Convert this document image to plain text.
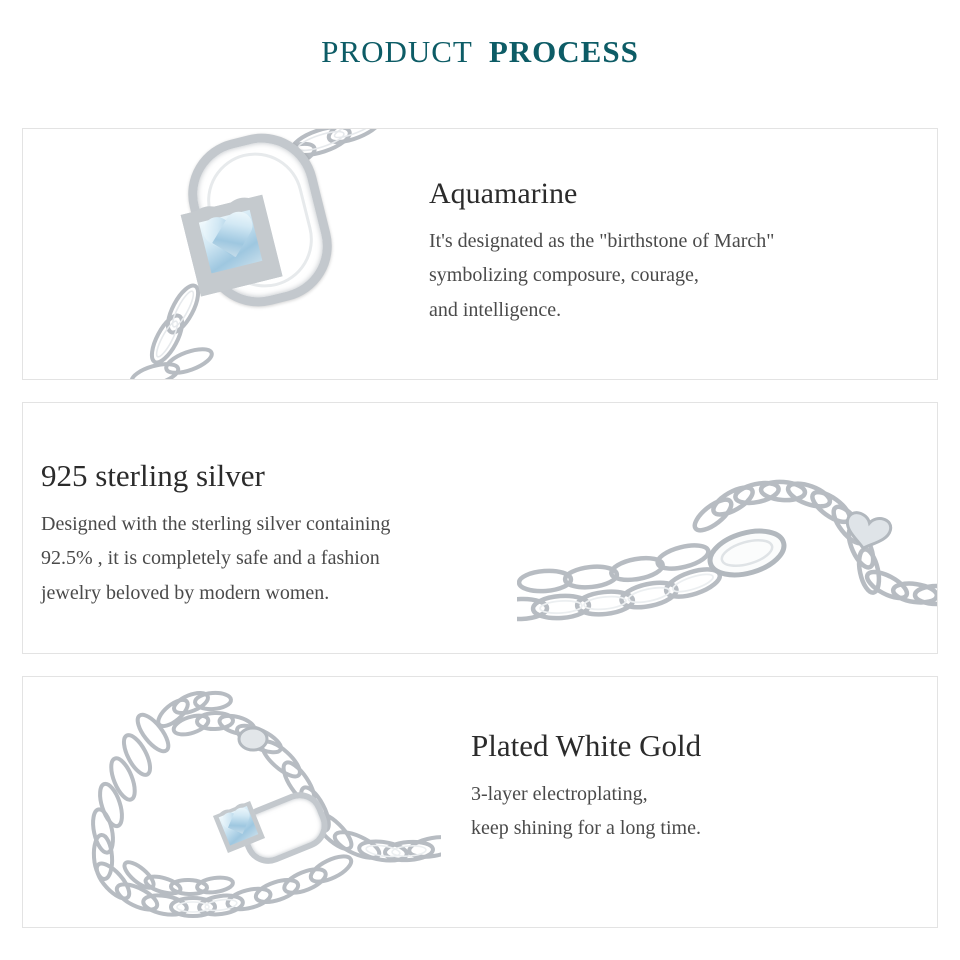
PRODUCT PROCESS
Aquamarine

It's designated as the "birthstone of March"
symbolizing composure, courage,
and intelligence.

925 sterling silver

Designed with the sterling silver containing
92.5% , it is completely safe and a fashion
jewelry beloved by modern women.

Plated White Gold

3-layer electroplating,
keep shining for a long time.
